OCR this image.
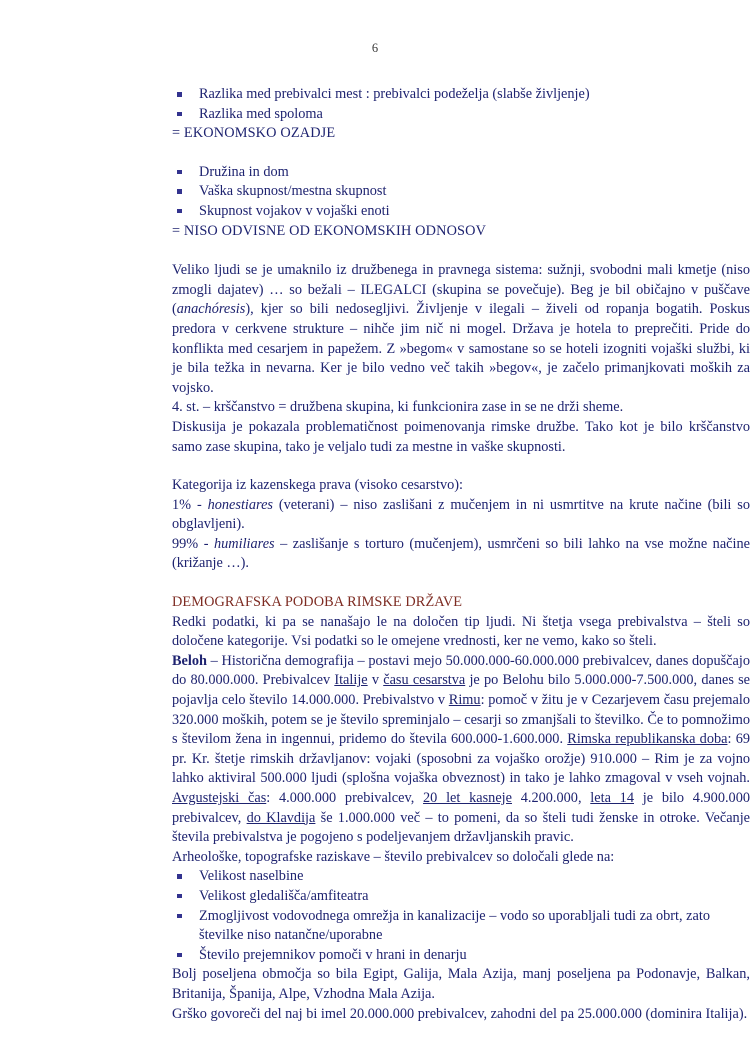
6
Razlika med prebivalci mest : prebivalci podeželja (slabše življenje)
Razlika med spoloma

= EKONOMSKO OZADJE

Družina in dom
Vaška skupnost/mestna skupnost
Skupnost vojakov v vojaški enoti

= NISO ODVISNE OD EKONOMSKIH ODNOSOV

Veliko ljudi se je umaknilo iz družbenega in pravnega sistema: sužnji, svobodni mali kmetje (niso zmogli dajatev) … so bežali – ILEGALCI (skupina se povečuje). Beg je bil običajno v puščave (anachóresis), kjer so bili nedosegljivi. Življenje v ilegali – živeli od ropanja bogatih. Poskus predora v cerkvene strukture – nihče jim nič ni mogel. Država je hotela to preprečiti. Pride do konflikta med cesarjem in papežem. Z »begom« v samostane so se hoteli izogniti vojaški službi, ki je bila težka in nevarna. Ker je bilo vedno več takih »begov«, je začelo primanjkovati moških za vojsko.

4. st. – krščanstvo = družbena skupina, ki funkcionira zase in se ne drži sheme.

Diskusija je pokazala problematičnost poimenovanja rimske družbe. Tako kot je bilo krščanstvo samo zase skupina, tako je veljalo tudi za mestne in vaške skupnosti.

Kategorija iz kazenskega prava (visoko cesarstvo):

1% - honestiares (veterani) – niso zaslišani z mučenjem in ni usmrtitve na krute načine (bili so obglavljeni).

99% - humiliares – zaslišanje s torturo (mučenjem), usmrčeni so bili lahko na vse možne načine (križanje …).

DEMOGRAFSKA PODOBA RIMSKE DRŽAVE

Redki podatki, ki pa se nanašajo le na določen tip ljudi. Ni štetja vsega prebivalstva – šteli so določene kategorije. Vsi podatki so le omejene vrednosti, ker ne vemo, kako so šteli.

Beloh – Historična demografija – postavi mejo 50.000.000-60.000.000 prebivalcev, danes dopuščajo do 80.000.000. Prebivalcev Italije v času cesarstva je po Belohu bilo 5.000.000-7.500.000, danes se pojavlja celo število 14.000.000. Prebivalstvo v Rimu: pomoč v žitu je v Cezarjevem času prejemalo 320.000 moških, potem se je število spreminjalo – cesarji so zmanjšali to številko. Če to pomnožimo s številom žena in ingennui, pridemo do števila 600.000-1.600.000. Rimska republikanska doba: 69 pr. Kr. štetje rimskih državljanov: vojaki (sposobni za vojaško orožje) 910.000 – Rim je za vojno lahko aktiviral 500.000 ljudi (splošna vojaška obveznost) in tako je lahko zmagoval v vseh vojnah. Avgustejski čas: 4.000.000 prebivalcev, 20 let kasneje 4.200.000, leta 14 je bilo 4.900.000 prebivalcev, do Klavdija še 1.000.000 več – to pomeni, da so šteli tudi ženske in otroke. Večanje števila prebivalstva je pogojeno s podeljevanjem državljanskih pravic.

Arheološke, topografske raziskave – število prebivalcev so določali glede na:

Velikost naselbine
Velikost gledališča/amfiteatra
Zmogljivost vodovodnega omrežja in kanalizacije – vodo so uporabljali tudi za obrt, zato številke niso natančne/uporabne
Število prejemnikov pomoči v hrani in denarju

Bolj poseljena območja so bila Egipt, Galija, Mala Azija, manj poseljena pa Podonavje, Balkan, Britanija, Španija, Alpe, Vzhodna Mala Azija.

Grško govoreči del naj bi imel 20.000.000 prebivalcev, zahodni del pa 25.000.000 (dominira Italija).
